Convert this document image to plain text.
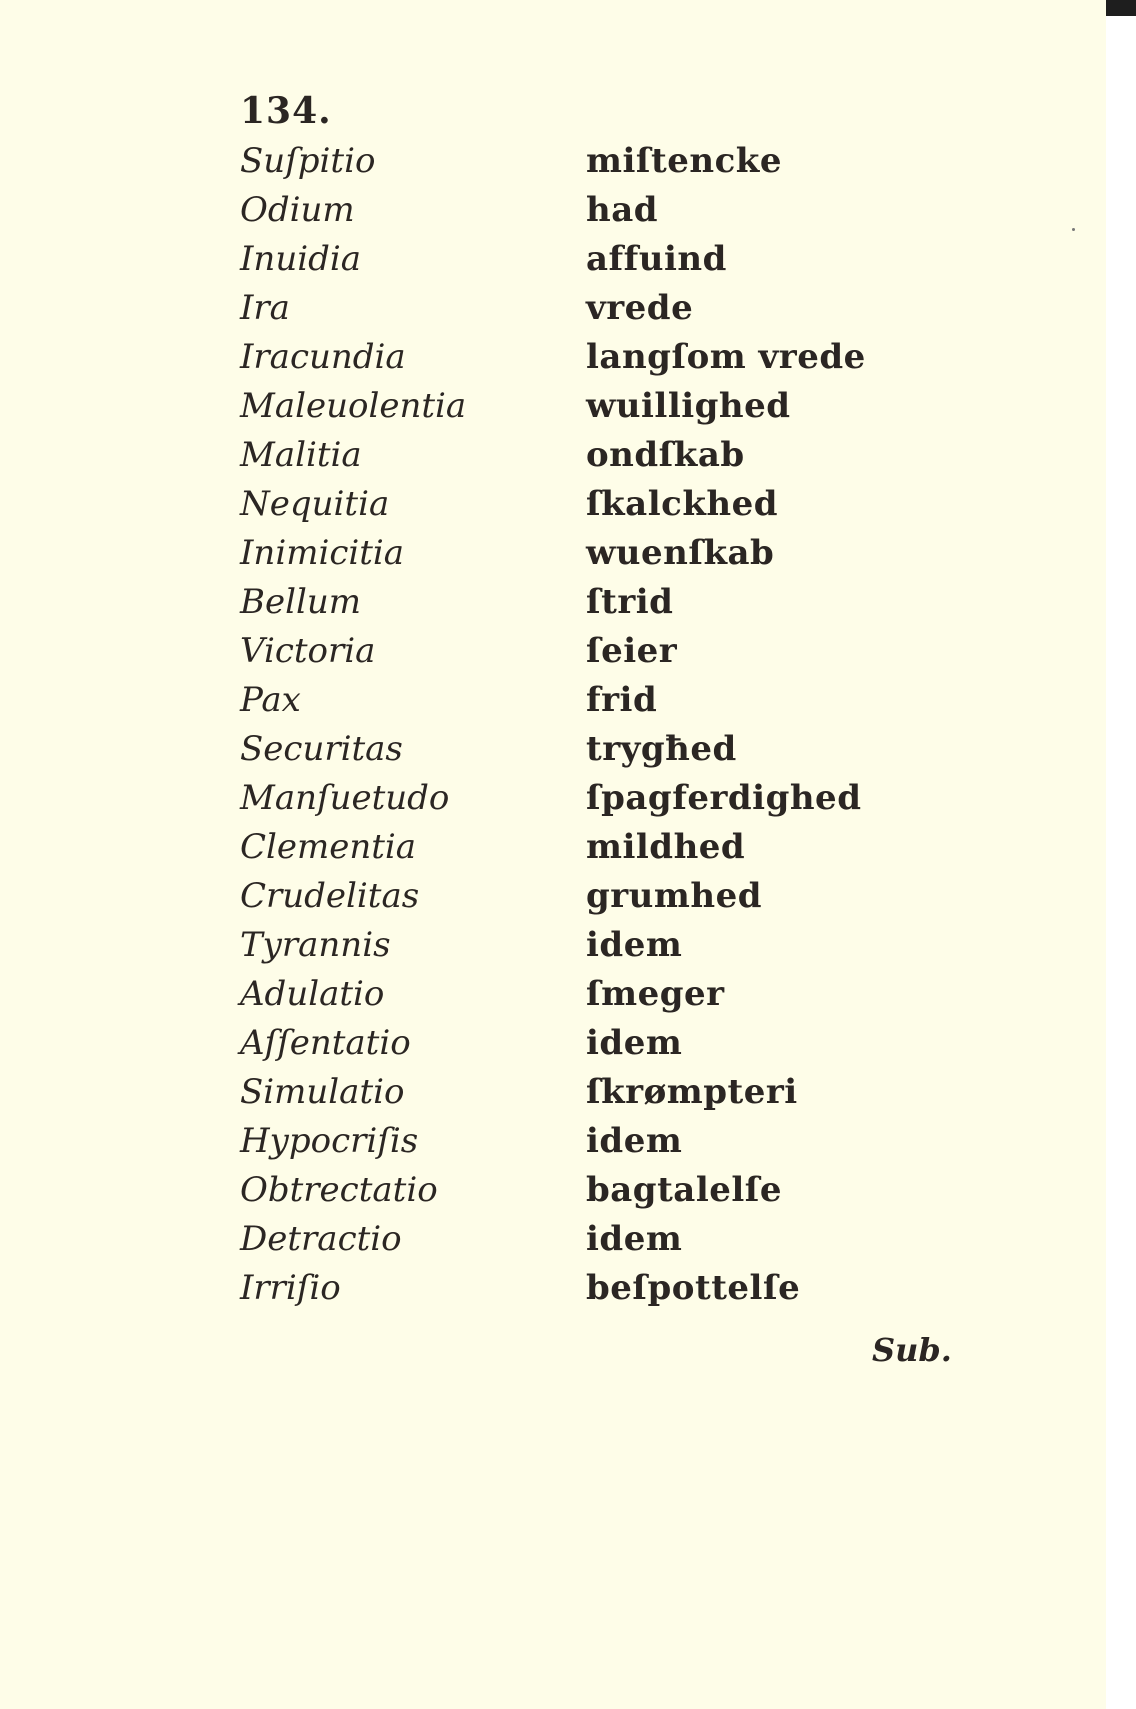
134.
Suſpitio	miſtencke
Odium	had
Inuidia	affuind
Ira	vrede
Iracundia	langſom vrede
Maleuolentia	wuillighed
Malitia	ondſkab
Nequitia	ſkalckhed
Inimicitia	wuenſkab
Bellum	ſtrid
Victoria	ſeier
Pax	frid
Securitas	trygħed
Manſuetudo	ſpagferdighed
Clementia	mildhed
Crudelitas	grumhed
Tyrannis	idem
Adulatio	ſmeger
Aſſentatio	idem
Simulatio	ſkrømpteri
Hypocriſis	idem
Obtrectatio	bagtalelſe
Detractio	idem
Irriſio	beſpottelſe
Sub.
